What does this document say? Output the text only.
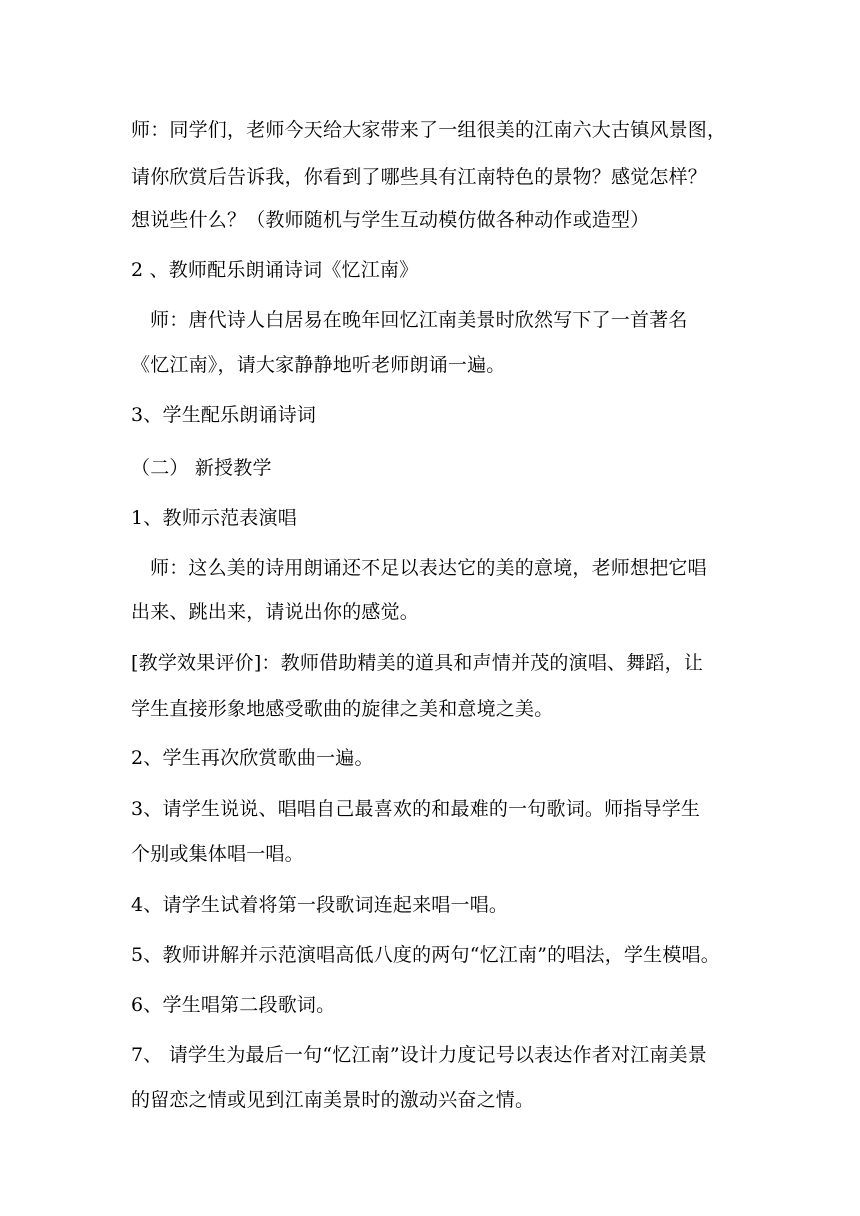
师：同学们，老师今天给大家带来了一组很美的江南六大古镇风景图，
请你欣赏后告诉我，你看到了哪些具有江南特色的景物？感觉怎样？
想说些什么？（教师随机与学生互动模仿做各种动作或造型）
2 、教师配乐朗诵诗词《忆江南》
师：唐代诗人白居易在晚年回忆江南美景时欣然写下了一首著名
《忆江南》，请大家静静地听老师朗诵一遍。
3、学生配乐朗诵诗词
（二） 新授教学
1、教师示范表演唱
师：这么美的诗用朗诵还不足以表达它的美的意境，老师想把它唱
出来、跳出来，请说出你的感觉。
[教学效果评价]：教师借助精美的道具和声情并茂的演唱、舞蹈，让
学生直接形象地感受歌曲的旋律之美和意境之美。
2、学生再次欣赏歌曲一遍。
3、请学生说说、唱唱自己最喜欢的和最难的一句歌词。师指导学生
个别或集体唱一唱。
4、请学生试着将第一段歌词连起来唱一唱。
5、教师讲解并示范演唱高低八度的两句“忆江南”的唱法，学生模唱。
6、学生唱第二段歌词。
7、 请学生为最后一句“忆江南”设计力度记号以表达作者对江南美景
的留恋之情或见到江南美景时的激动兴奋之情。
